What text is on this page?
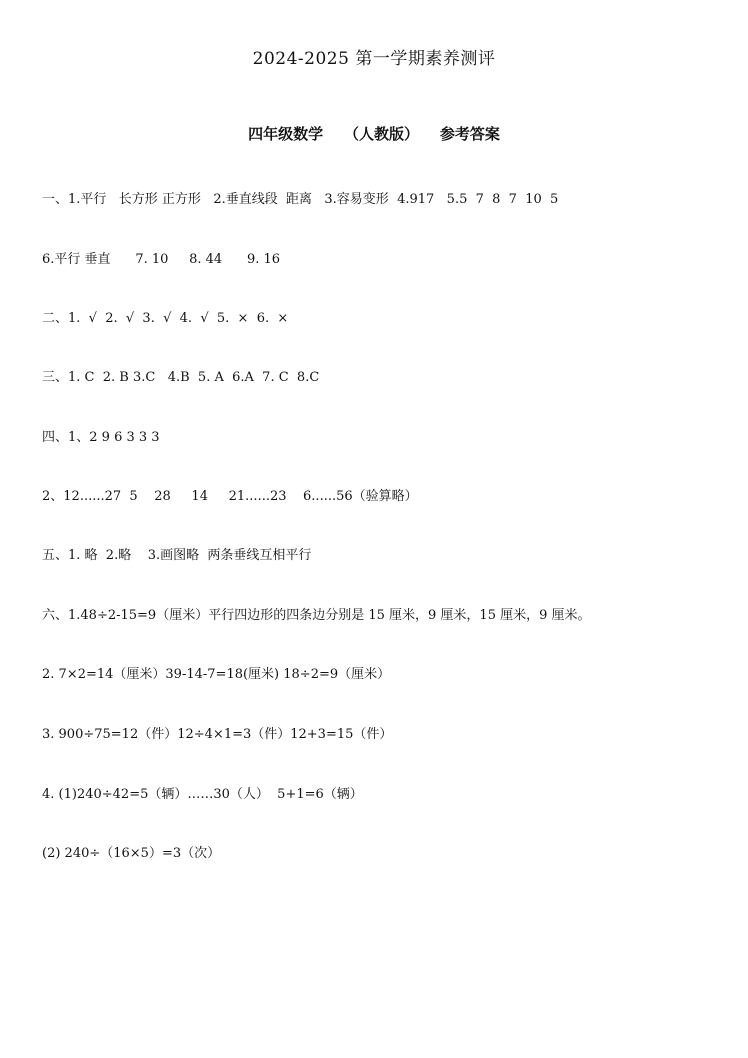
2024-2025 第一学期素养测评
四年级数学    （人教版）    参考答案
一、1.平行   长方形 正方形   2.垂直线段  距离   3.容易变形  4.917   5.5  7  8  7  10  5
6.平行 垂直      7. 10     8. 44      9. 16
二、1.  √  2.  √  3.  √  4.  √  5.  ×  6.  ×
三、1. C  2. B 3.C   4.B  5. A  6.A  7. C  8.C
四、1、2 9 6 3 3 3
2、12......27  5    28     14     21......23    6......56（验算略）
五、1. 略  2.略    3.画图略  两条垂线互相平行
六、1.48÷2-15=9（厘米）平行四边形的四条边分别是 15 厘米，9 厘米，15 厘米，9 厘米。
2. 7×2=14（厘米）39-14-7=18(厘米) 18÷2=9（厘米）
3. 900÷75=12（件）12÷4×1=3（件）12+3=15（件）
4. (1)240÷42=5（辆）……30（人）  5+1=6（辆）
(2) 240÷（16×5）=3（次）
